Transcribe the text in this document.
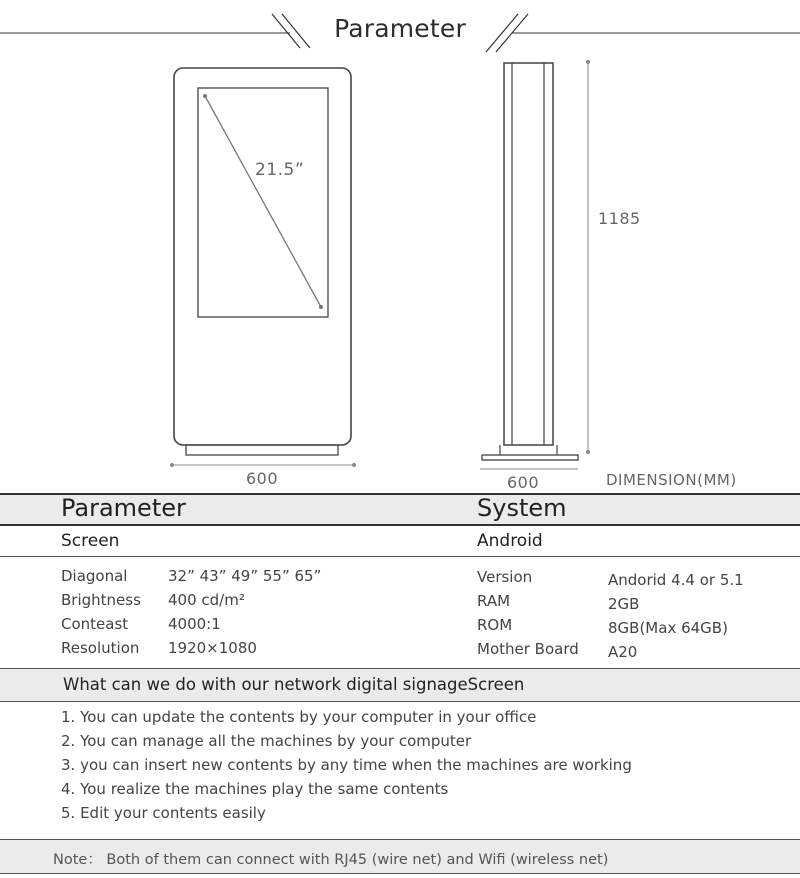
Parameter
21.5”
600	600
1185
DIMENSION(MM)
Parameter	System
Screen	Android
Diagonal	32” 43” 49” 55” 65”
Brightness 400 cd/m²
Conteast	4000:1
Resolution 1920×1080
Version	Andorid 4.4 or 5.1
RAM	2GB
ROM	8GB(Max 64GB)
Mother Board A20
What can we do with our network digital signageScreen
1. You can update the contents by your computer in your office
2. You can manage all the machines by your computer
3. you can insert new contents by any time when the machines are working
4. You realize the machines play the same contents
5. Edit your contents easily
Note： Both of them can connect with RJ45 (wire net) and Wifi (wireless net)
